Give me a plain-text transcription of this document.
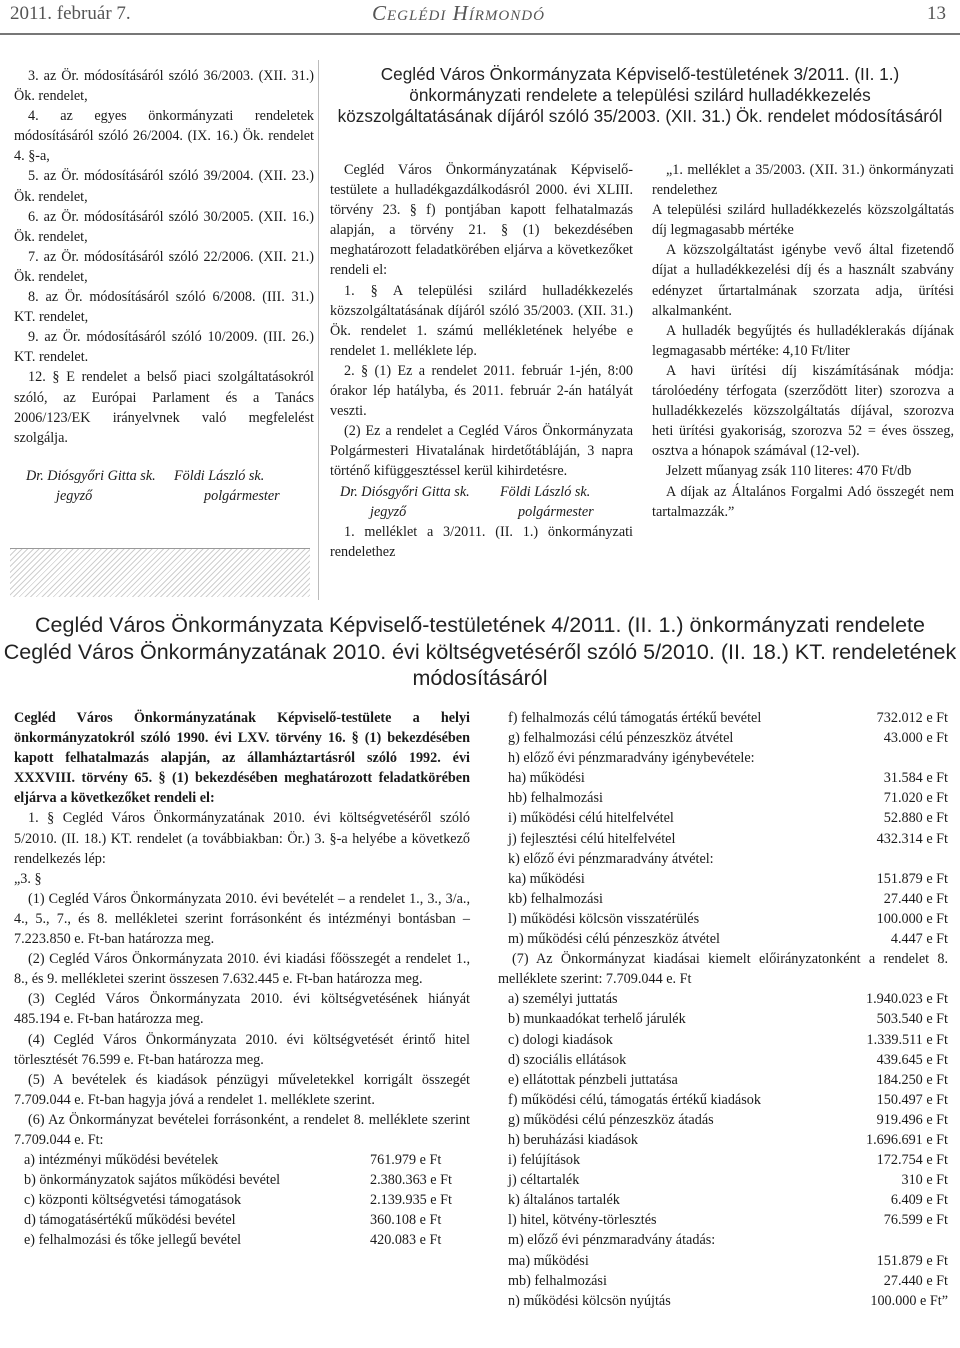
2011. február 7.	Ceglédi Hírmondó	13

3. az Ör. módosításáról szóló 36/2003. (XII. 31.) Ök. rendelet,

4. az egyes önkormányzati rendeletek módosításáról szóló 26/2004. (IX. 16.) Ök. rendelet 4. §-a,

5. az Ör. módosításáról szóló 39/2004. (XII. 23.) Ök. rendelet,

6. az Ör. módosításáról szóló 30/2005. (XII. 16.) Ök. rendelet,

7. az Ör. módosításáról szóló 22/2006. (XII. 21.) Ök. rendelet,

8. az Ör. módosításáról szóló 6/2008. (III. 31.) KT. rendelet,

9. az Ör. módosításáról szóló 10/2009. (III. 26.) KT. rendelet.

12. § E rendelet a belső piaci szolgáltatásokról szóló, az Európai Parlament és a Tanács 2006/123/EK irányelvnek való megfelelést szolgálja.

Dr. Diósgyőri Gitta sk.	Földi László sk.
jegyző	polgármester
Cegléd Város Önkormányzata Képviselő-testületének 3/2011. (II. 1.) önkormányzati rendelete a települési szilárd hulladékkezelés közszolgáltatásának díjáról szóló 35/2003. (XII. 31.) Ök. rendelet módosításáról

Cegléd Város Önkormányzatának Képviselő-testülete a hulladékgazdálkodásról 2000. évi XLIII. törvény 23. § f) pontjában kapott felhatalmazás alapján, a törvény 21. § (1) bekezdésében meghatározott feladatkörében eljárva a következőket rendeli el:

1. § A települési szilárd hulladékkezelés közszolgáltatásának díjáról szóló 35/2003. (XII. 31.) Ök. rendelet 1. számú mellékletének helyébe e rendelet 1. melléklete lép.

2. § (1) Ez a rendelet 2011. február 1-jén, 8:00 órakor lép hatályba, és 2011. február 2-án hatályát veszti.

(2) Ez a rendelet a Cegléd Város Önkormányzata Polgármesteri Hivatalának hirdetőtábláján, 3 napra történő kifüggesztéssel kerül kihirdetésre.

Dr. Diósgyőri Gitta sk.	Földi László sk.
jegyző	polgármester

1. melléklet a 3/2011. (II. 1.) önkormányzati rendelethez

„1. melléklet a 35/2003. (XII. 31.) önkormányzati rendelethez

A települési szilárd hulladékkezelés közszolgáltatás díj legmagasabb mértéke

A közszolgáltatást igénybe vevő által fizetendő díjat a hulladékkezelési díj és a használt szabvány edényzet űrtartalmának szorzata adja, ürítési alkalmanként.

A hulladék begyűjtés és hulladéklerakás díjának legmagasabb mértéke: 4,10 Ft/liter

A havi ürítési díj kiszámításának módja: tárolóedény térfogata (szerződött liter) szorozva a hulladékkezelés közszolgáltatás díjával, szorozva heti ürítési gyakoriság, szorozva 52 = éves összeg, osztva a hónapok számával (12-vel).

Jelzett műanyag zsák 110 literes: 470 Ft/db

A díjak az Általános Forgalmi Adó összegét nem tartalmazzák.”

Cegléd Város Önkormányzata Képviselő-testületének 4/2011. (II. 1.) önkormányzati rendelete Cegléd Város Önkormányzatának 2010. évi költségvetéséről szóló 5/2010. (II. 18.) KT. rendeletének módosításáról

Cegléd Város Önkormányzatának Képviselő-testülete a helyi önkormányzatokról szóló 1990. évi LXV. törvény 16. § (1) bekezdésében kapott felhatalmazás alapján, az államháztartásról szóló 1992. évi XXXVIII. törvény 65. § (1) bekezdésében meghatározott feladatkörében eljárva a következőket rendeli el:

1. § Cegléd Város Önkormányzatának 2010. évi költségvetéséről szóló 5/2010. (II. 18.) KT. rendelet (a továbbiakban: Ör.) 3. §-a helyébe a következő rendelkezés lép:

„3. §

(1) Cegléd Város Önkormányzata 2010. évi bevételét – a rendelet 1., 3., 3/a., 4., 5., 7., és 8. mellékletei szerint forrásonként és intézményi bontásban – 7.223.850 e. Ft-ban határozza meg.

(2) Cegléd Város Önkormányzata 2010. évi kiadási főösszegét a rendelet 1., 8., és 9. mellékletei szerint összesen 7.632.445 e. Ft-ban határozza meg.

(3) Cegléd Város Önkormányzata 2010. évi költségvetésének hiányát 485.194 e. Ft-ban határozza meg.

(4) Cegléd Város Önkormányzata 2010. évi költségvetését érintő hitel törlesztését 76.599 e. Ft-ban határozza meg.

(5) A bevételek és kiadások pénzügyi műveletekkel korrigált összegét 7.709.044 e. Ft-ban hagyja jóvá a rendelet 1. melléklete szerint.

(6) Az Önkormányzat bevételei forrásonként, a rendelet 8. melléklete szerint 7.709.044 e. Ft:

a) intézményi működési bevételek	761.979 e Ft
b) önkormányzatok sajátos működési bevétel	2.380.363 e Ft
c) központi költségvetési támogatások	2.139.935 e Ft
d) támogatásértékű működési bevétel	360.108 e Ft
e) felhalmozási és tőke jellegű bevétel	420.083 e Ft
f) felhalmozás célú támogatás értékű bevétel	732.012 e Ft
g) felhalmozási célú pénzeszköz átvétel	43.000 e Ft
h) előző évi pénzmaradvány igénybevétele:
ha) működési	31.584 e Ft
hb) felhalmozási	71.020 e Ft
i) működési célú hitelfelvétel	52.880 e Ft
j) fejlesztési célú hitelfelvétel	432.314 e Ft
k) előző évi pénzmaradvány átvétel:
ka) működési	151.879 e Ft
kb) felhalmozási	27.440 e Ft
l) működési kölcsön visszatérülés	100.000 e Ft
m) működési célú pénzeszköz átvétel	4.447 e Ft

(7) Az Önkormányzat kiadásai kiemelt előirányzatonként a rendelet 8. melléklete szerint: 7.709.044 e. Ft

a) személyi juttatás	1.940.023 e Ft
b) munkaadókat terhelő járulék	503.540 e Ft
c) dologi kiadások	1.339.511 e Ft
d) szociális ellátások	439.645 e Ft
e) ellátottak pénzbeli juttatása	184.250 e Ft
f) működési célú, támogatás értékű kiadások	150.497 e Ft
g) működési célú pénzeszköz átadás	919.496 e Ft
h) beruházási kiadások	1.696.691 e Ft
i) felújítások	172.754 e Ft
j) céltartalék	310 e Ft
k) általános tartalék	6.409 e Ft
l) hitel, kötvény-törlesztés	76.599 e Ft
m) előző évi pénzmaradvány átadás:
ma) működési	151.879 e Ft
mb) felhalmozási	27.440 e Ft
n) működési kölcsön nyújtás	100.000 e Ft”
